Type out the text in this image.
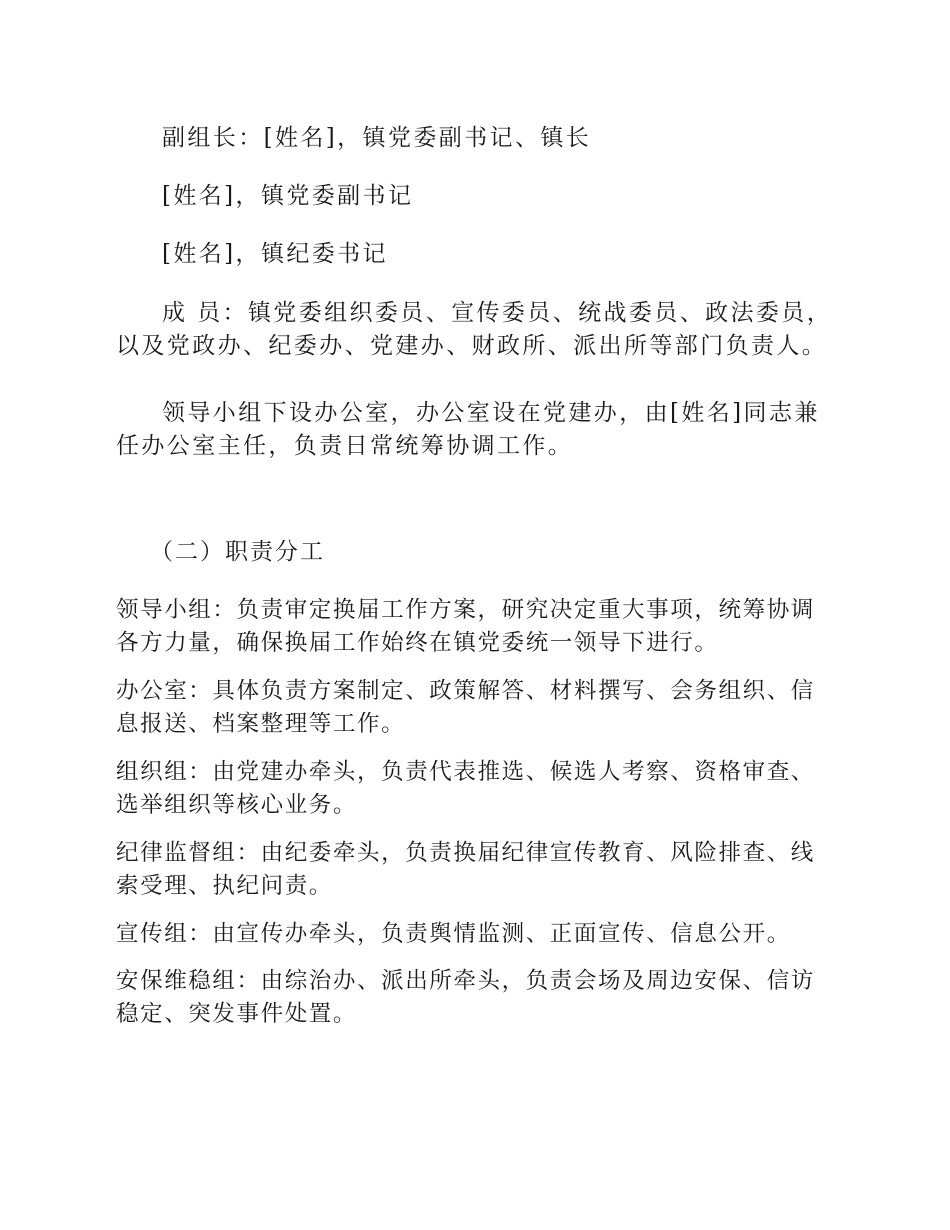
副组长：[姓名]，镇党委副书记、镇长

[姓名]，镇党委副书记

[姓名]，镇纪委书记

成 员：镇党委组织委员、宣传委员、统战委员、政法委员，以及党政办、纪委办、党建办、财政所、派出所等部门负责人。

领导小组下设办公室，办公室设在党建办，由[姓名]同志兼任办公室主任，负责日常统筹协调工作。

（二）职责分工

领导小组：负责审定换届工作方案，研究决定重大事项，统筹协调各方力量，确保换届工作始终在镇党委统一领导下进行。

办公室：具体负责方案制定、政策解答、材料撰写、会务组织、信息报送、档案整理等工作。

组织组：由党建办牵头，负责代表推选、候选人考察、资格审查、选举组织等核心业务。

纪律监督组：由纪委牵头，负责换届纪律宣传教育、风险排查、线索受理、执纪问责。

宣传组：由宣传办牵头，负责舆情监测、正面宣传、信息公开。

安保维稳组：由综治办、派出所牵头，负责会场及周边安保、信访稳定、突发事件处置。
